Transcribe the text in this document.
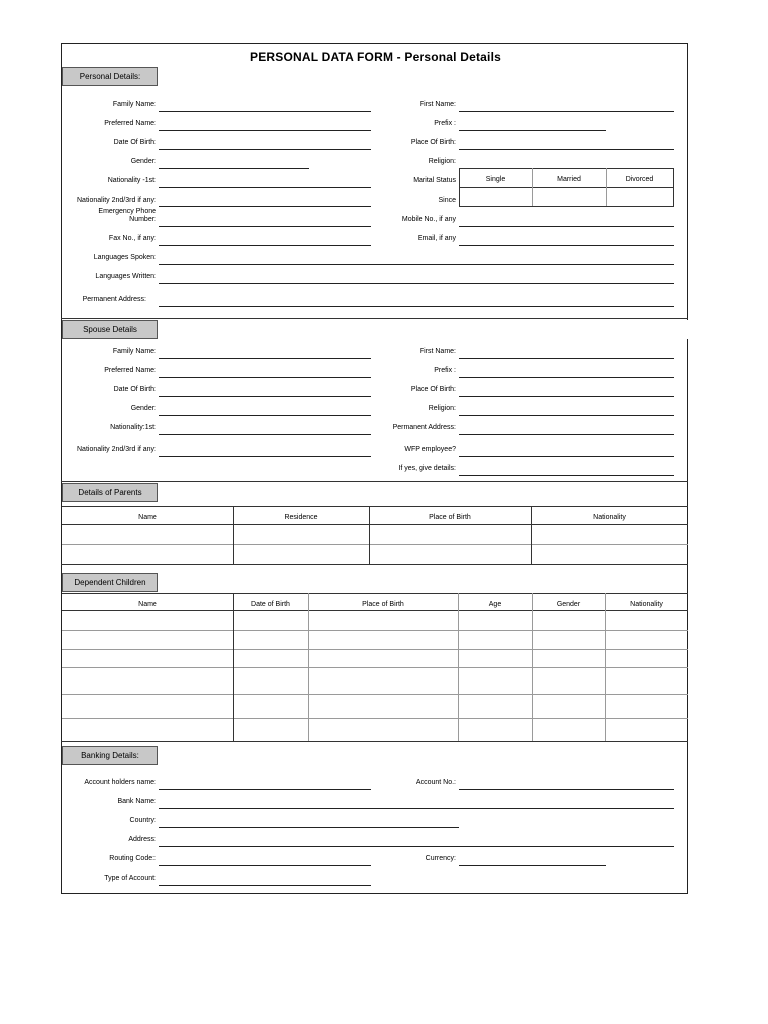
PERSONAL DATA FORM - Personal Details
Personal Details:
Family Name:	First Name:
Preferred Name:	Prefix :
Date Of Birth:	Place Of Birth:
Gender:	Religion:
Nationality -1st:	Marital Status	Single	Married	Divorced
Nationality 2nd/3rd if any:	Since
Emergency Phone
Number:	Mobile No., if any
Fax No., if any:	Email, if any
Languages Spoken:
Languages Written:
Permanent Address:
Spouse Details
Family Name:	First Name:
Preferred Name:	Prefix :
Date Of Birth:	Place Of Birth:
Gender:	Religion:
Nationality:1st:	Permanent Address:
Nationality 2nd/3rd if any:	WFP employee?
If yes, give details:
Details of Parents
Name	Residence	Place of Birth	Nationality
Dependent Children
Name	Date of Birth	Place of Birth	Age	Gender	Nationality
Banking Details:
Account holders name:	Account No.:
Bank Name:
Country:
Address:
Routing Code::	Currency:
Type of Account:
